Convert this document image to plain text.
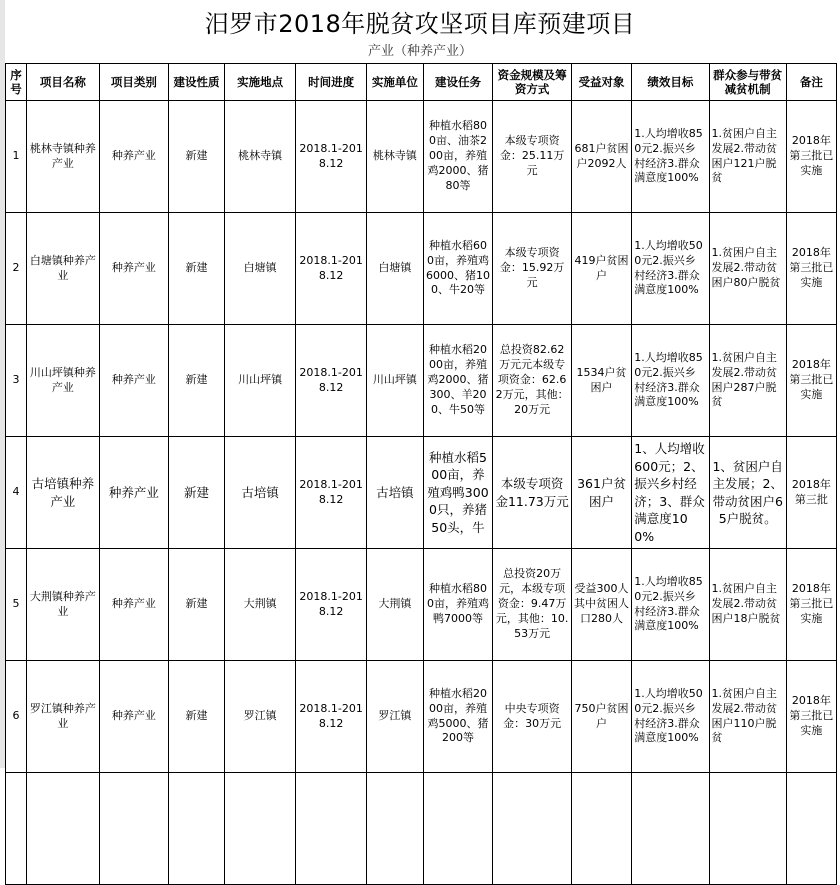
汨罗市2018年脱贫攻坚项目库预建项目
产业（种养产业）
序号	项目名称	项目类别	建设性质	实施地点	时间进度	实施单位	建设任务	资金规模及筹资方式	受益对象	绩效目标	群众参与带贫减贫机制	备注
1	桃林寺镇种养产业	种养产业	新建	桃林寺镇	2018.1-2018.12	桃林寺镇	种植水稻800亩、油茶200亩，养殖鸡2000、猪80等	本级专项资金：25.11万元	681户贫困户2092人	1.人均增收850元2.振兴乡村经济3.群众满意度100%	1.贫困户自主发展2.带动贫困户121户脱贫	2018年第三批已实施
2	白塘镇种养产业	种养产业	新建	白塘镇	2018.1-2018.12	白塘镇	种植水稻600亩，养殖鸡6000、猪100、牛20等	本级专项资金：15.92万元	419户贫困户	1.人均增收500元2.振兴乡村经济3.群众满意度100%	1.贫困户自主发展2.带动贫困户80户脱贫	2018年第三批已实施
3	川山坪镇种养产业	种养产业	新建	川山坪镇	2018.1-2018.12	川山坪镇	种植水稻2000亩，养殖鸡2000、猪300、羊200、牛50等	总投资82.62万元元本级专项资金：62.62万元，其他：20万元	1534户贫困户	1.人均增收850元2.振兴乡村经济3.群众满意度100%	1.贫困户自主发展2.带动贫困户287户脱贫	2018年第三批已实施
4	古培镇种养产业	种养产业	新建	古培镇	2018.1-2018.12	古培镇	种植水稻500亩，养殖鸡鸭3000只，养猪50头，牛	本级专项资金11.73万元	361户贫困户	1、人均增收600元；2、振兴乡村经济；3、群众满意度100%	1、贫困户自主发展；2、带动贫困户65户脱贫。	2018年第三批
5	大荆镇种养产业	种养产业	新建	大荆镇	2018.1-2018.12	大荆镇	种植水稻800亩，养殖鸡鸭7000等	总投资20万元，本级专项资金：9.47万元，其他：10.53万元	受益300人其中贫困人口280人	1.人均增收850元2.振兴乡村经济3.群众满意度100%	1.贫困户自主发展2.带动贫困户18户脱贫	2018年第三批已实施
6	罗江镇种养产业	种养产业	新建	罗江镇	2018.1-2018.12	罗江镇	种植水稻2000亩，养殖鸡5000、猪200等	中央专项资金：30万元	750户贫困户	1.人均增收500元2.振兴乡村经济3.群众满意度100%	1.贫困户自主发展2.带动贫困户110户脱贫	2018年第三批已实施
